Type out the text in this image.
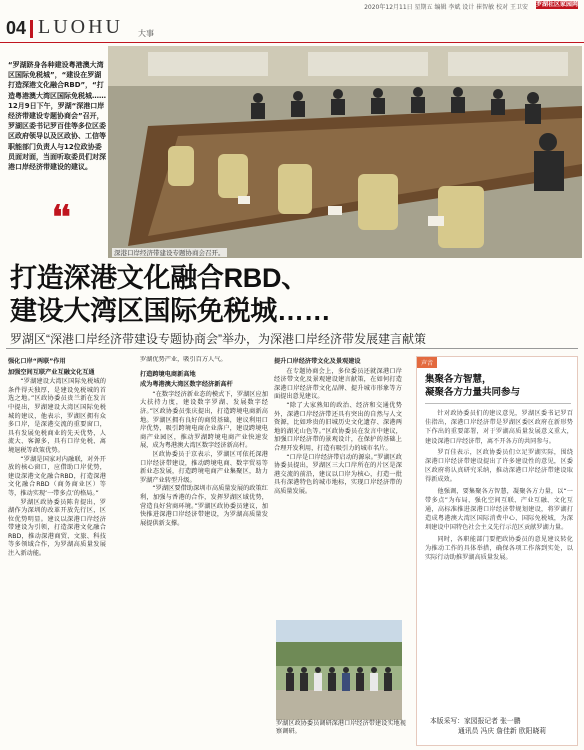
2020年12月11日 星期五 编辑 李斌 设计 崔智敏 校对 王卫安 罗湖社区家园网
04 LUOHU 大事
“罗湖跻身各种建设粤港澳大湾区国际免税城”，“建设在罗湖打造深港文化融合RBD”，“打造粤港澳大湾区国际免税城……12月9日下午，罗湖“深港口岸经济带建设专题协商会”召开，罗湖区委书记罗百佳等多位区委区政府领导以及区政协、工信等职能部门负责人与12位政协委员面对面，当面听取委员们对深港口岸经济带建设的建议。
❛❛
深港口岸经济带建设专题协商会召开。
打造深港文化融合RBD、
建设大湾区国际免税城……
罗湖区“深港口岸经济带建设专题协商会”举办，为深港口岸经济带发展建言献策
强化口岸“两联”作用
加强空间互联产业互融文化互通

“罗湖建设大湾区国际免税城的条件得天独厚，是建设免税城的首选之地。”区政协委员贵兰新在发言中提出，罗湖建设大湾区国际免税城的建议，他表示，罗湖区拥有众多口岸，是深港交流的重要窗口，具有发展免税商业的先天优势，人流大、客源多，具有口岸免税、离境退税等政策优势。

“罗湖是国家对内融联，对外开放的核心窗口，应借助口岸优势，建设深港文化融合RBD，打造深港文化融合RBD（商务商业区）等等，推动实现‘一带多点’的格局。”

罗湖区政协委员陈肯提出，罗湖作为深圳的改革开放先行区，区位优势明显。建议以深港口岸经济带建设为引领，打造深港文化融合RBD，推动深港商贸、文旅、科技等多领域合作，为罗湖高质量发展注入新动能。

罗湖优势产业，吸引百方人气。

打造跨境电商新高地
成为粤港澳大湾区数字经济新高杆

“在数字经济新业态的模式下，罗湖区应加大扶持力度，建设数字罗湖、发展数字经济。”区政协委员张庆提出，打造跨境电商新高地。罗湖区拥有良好的商贸基础，建议利用口岸优势，吸引跨境电商企业落户，建设跨境电商产业园区，推动罗湖跨境电商产业快速发展，成为粤港澳大湾区数字经济新高杆。

区政协委员于京表示，罗湖区可依托深港口岸经济带建设，推动跨境电商、数字贸易等新业态发展，打造跨境电商产业集聚区，助力罗湖产业转型升级。

“罗湖区要借助深圳市高质量发展的政策红利，加强与香港的合作，发挥罗湖区域优势，营造良好营商环境。”罗湖区政协委员建议，加快推进深港口岸经济带建设，为罗湖高质量发展提供新支撑。

提升口岸经济带文化及景观建设

在专题协商会上，多位委员还就深港口岸经济带文化及景观建设建言献策，在如何打造深港口岸经济带文化品牌、提升城市形象等方面提出意见建议。

“除了大家熟知的政治、经济和交通优势外，深港口岸经济带还具有突出的自然与人文资源，比如珍贵的旧城历史文化遗存、深港两地的湖光山色等。”区政协委员在发言中建议，加强口岸经济带的景观设计，在保护的基础上合理开发利用，打造有吸引力的城市名片。

“口岸是口岸经济带启动的源泉。”罗湖区政协委员提出，罗湖区三大口岸所在的片区是深港交流的前沿，建议以口岸为核心，打造一批具有深港特色的城市地标，实现口岸经济带的高质量发展。

罗湖区政协委员调研深港口岸经济带建设实地视察调研。
声音
集聚各方智慧，
凝聚各方力量共同参与

针对政协委员们的建议意见，罗湖区委书记罗百佳指出，深港口岸经济带是罗湖区委区政府在新形势下作出的重要部署，对于罗湖高质量发展意义重大，建设深港口岸经济带，离不开各方的共同参与。

罗百佳表示，区政协委员们立足罗湖实际，围绕深港口岸经济带建设提出了许多建设性的意见，区委区政府将认真研究采纳，推动深港口岸经济带建设取得新成效。

他强调，要集聚各方智慧，凝聚各方力量，以“一带多点”为布局，强化空间互联、产业互融、文化互通，高标准推进深港口岸经济带规划建设，将罗湖打造成粤港澳大湾区国际消费中心、国际免税城，为深圳建设中国特色社会主义先行示范区贡献罗湖力量。

同时，各职能部门要把政协委员的意见建议转化为推动工作的具体举措，确保各项工作落到实处，以实际行动助推罗湖高质量发展。

本版采写：家园报记者 张一鹏
通讯员 冯庆 詹佳新 欧阳晓莉
